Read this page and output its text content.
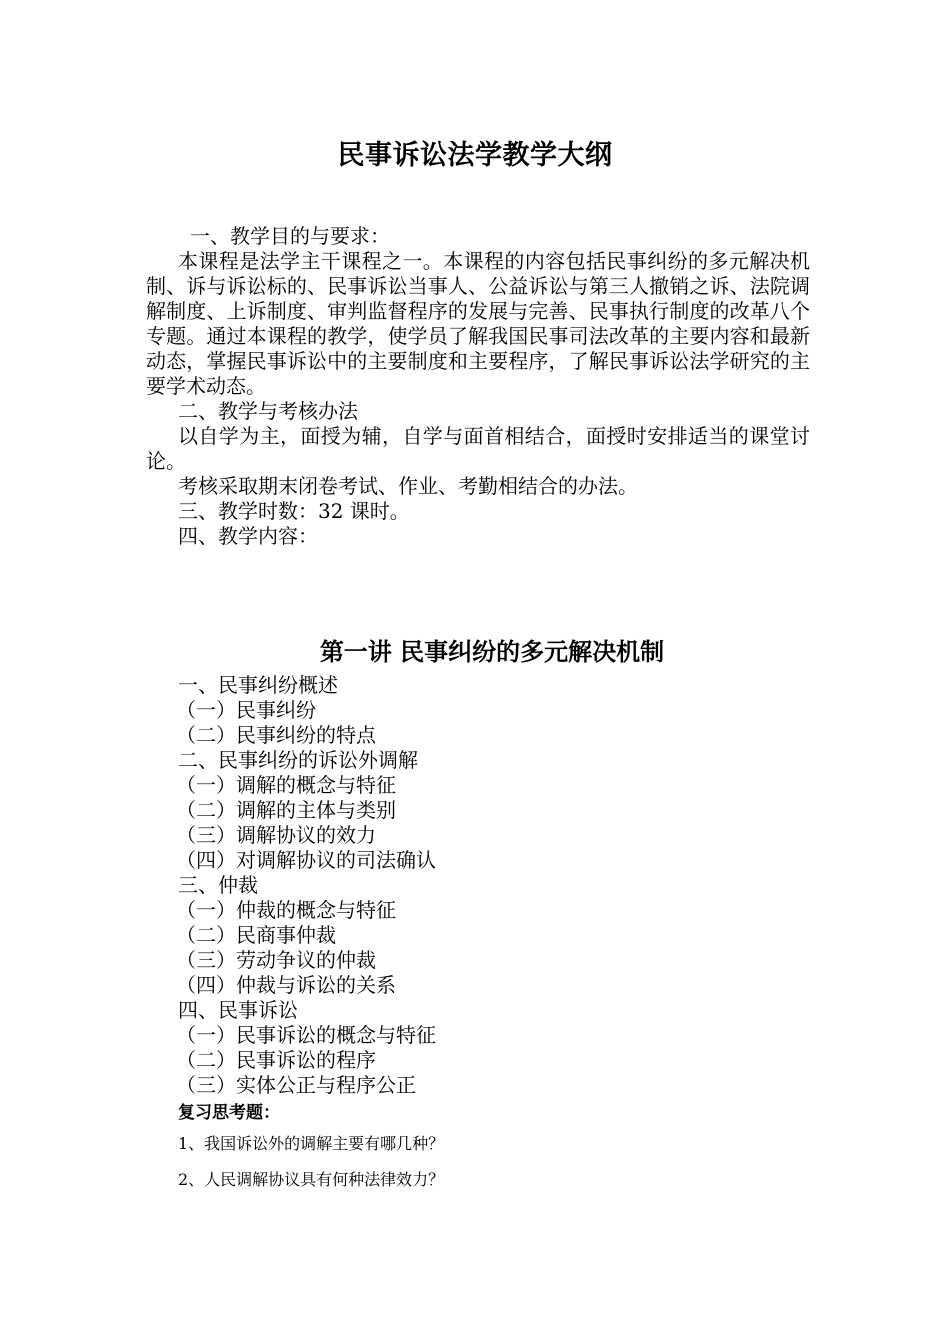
民事诉讼法学教学大纲

一、教学目的与要求：

本课程是法学主干课程之一。本课程的内容包括民事纠纷的多元解决机制、诉与诉讼标的、民事诉讼当事人、公益诉讼与第三人撤销之诉、法院调解制度、上诉制度、审判监督程序的发展与完善、民事执行制度的改革八个专题。通过本课程的教学，使学员了解我国民事司法改革的主要内容和最新动态，掌握民事诉讼中的主要制度和主要程序，了解民事诉讼法学研究的主要学术动态。

二、教学与考核办法

以自学为主，面授为辅，自学与面首相结合，面授时安排适当的课堂讨论。

考核采取期末闭卷考试、作业、考勤相结合的办法。

三、教学时数：32 课时。

四、教学内容：

第一讲 民事纠纷的多元解决机制
一、民事纠纷概述
（一）民事纠纷
（二）民事纠纷的特点
二、民事纠纷的诉讼外调解
（一）调解的概念与特征
（二）调解的主体与类别
（三）调解协议的效力
（四）对调解协议的司法确认
三、仲裁
（一）仲裁的概念与特征
（二）民商事仲裁
（三）劳动争议的仲裁
（四）仲裁与诉讼的关系
四、民事诉讼
（一）民事诉讼的概念与特征
（二）民事诉讼的程序
（三）实体公正与程序公正
复习思考题：
1、我国诉讼外的调解主要有哪几种？
2、人民调解协议具有何种法律效力？
